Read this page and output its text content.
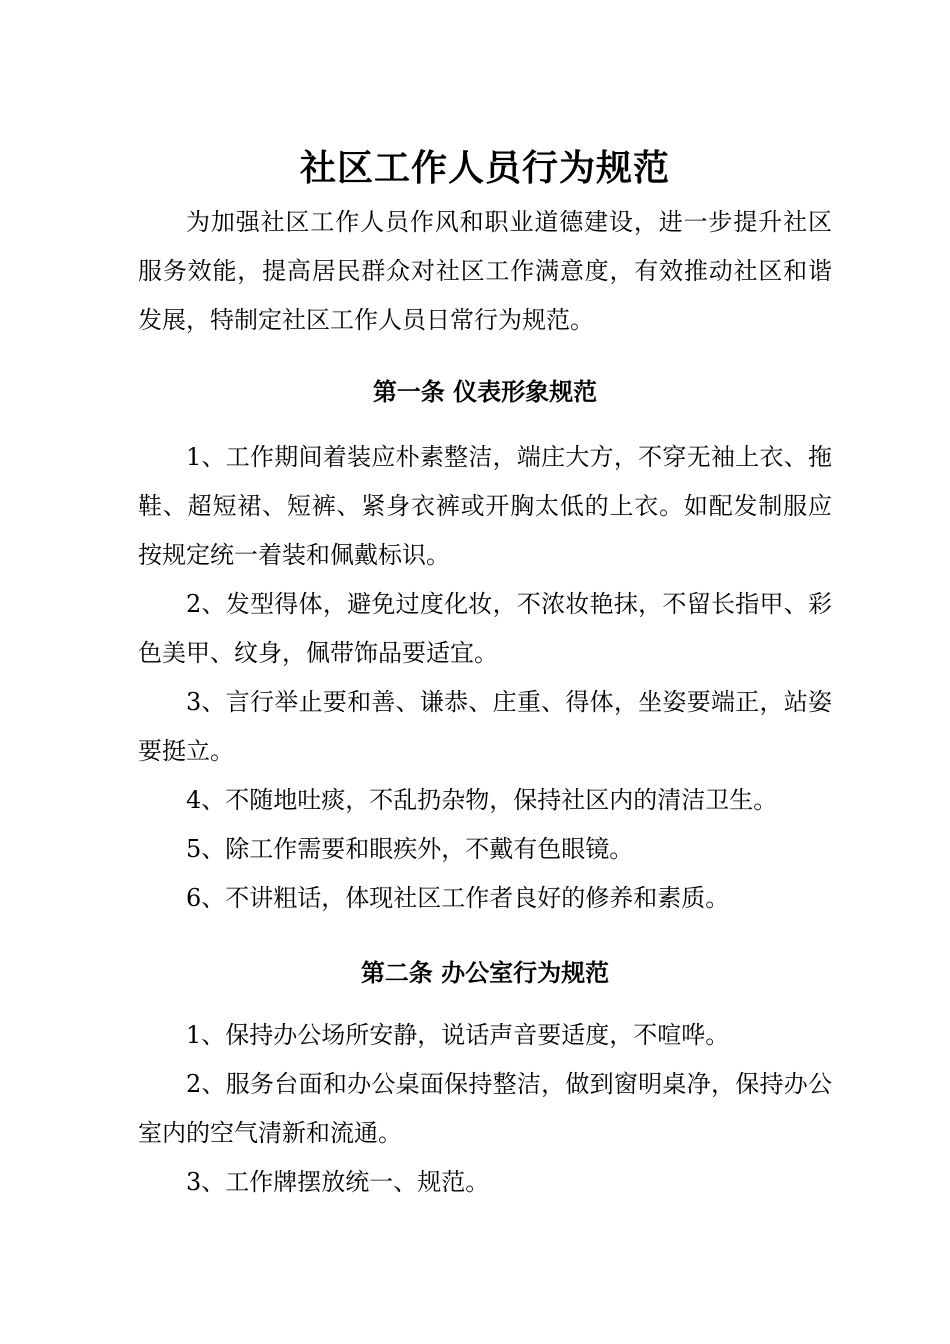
社区工作人员行为规范

为加强社区工作人员作风和职业道德建设，进一步提升社区服务效能，提高居民群众对社区工作满意度，有效推动社区和谐发展，特制定社区工作人员日常行为规范。

第一条 仪表形象规范

1、工作期间着装应朴素整洁，端庄大方，不穿无袖上衣、拖鞋、超短裙、短裤、紧身衣裤或开胸太低的上衣。如配发制服应按规定统一着装和佩戴标识。

2、发型得体，避免过度化妆，不浓妆艳抹，不留长指甲、彩色美甲、纹身，佩带饰品要适宜。

3、言行举止要和善、谦恭、庄重、得体，坐姿要端正，站姿要挺立。

4、不随地吐痰，不乱扔杂物，保持社区内的清洁卫生。

5、除工作需要和眼疾外，不戴有色眼镜。

6、不讲粗话，体现社区工作者良好的修养和素质。

第二条 办公室行为规范

1、保持办公场所安静，说话声音要适度，不喧哗。

2、服务台面和办公桌面保持整洁，做到窗明桌净，保持办公室内的空气清新和流通。

3、工作牌摆放统一、规范。
